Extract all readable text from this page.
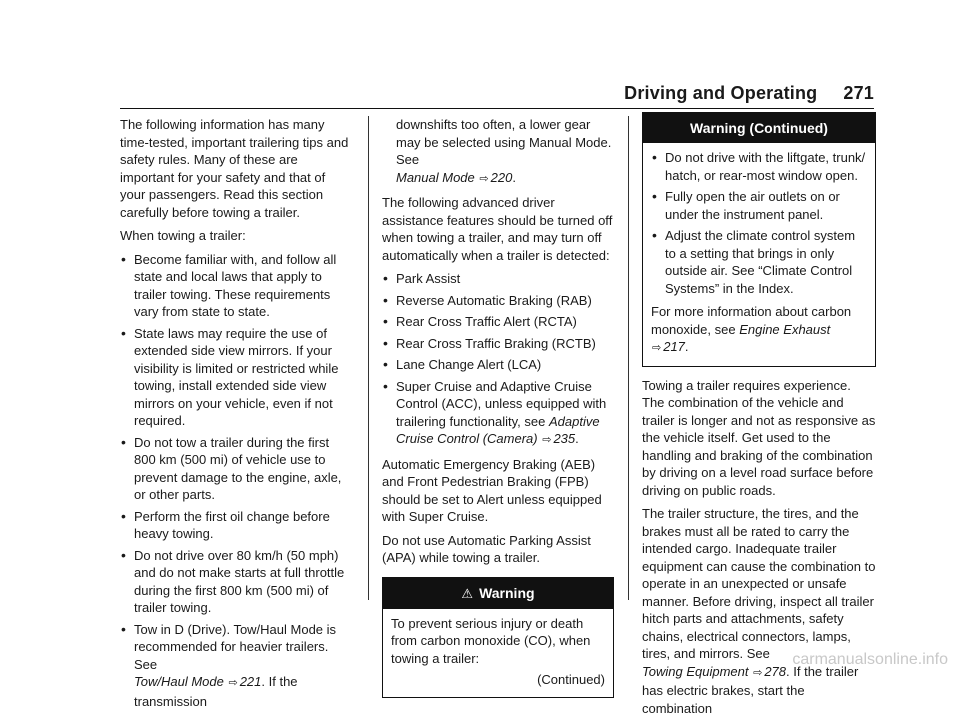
Driving and Operating 271

The following information has many time-tested, important trailering tips and safety rules. Many of these are important for your safety and that of your passengers. Read this section carefully before towing a trailer.

When towing a trailer:

• Become familiar with, and follow all state and local laws that apply to trailer towing. These requirements vary from state to state.
• State laws may require the use of extended side view mirrors. If your visibility is limited or restricted while towing, install extended side view mirrors on your vehicle, even if not required.
• Do not tow a trailer during the first 800 km (500 mi) of vehicle use to prevent damage to the engine, axle, or other parts.
• Perform the first oil change before heavy towing.
• Do not drive over 80 km/h (50 mph) and do not make starts at full throttle during the first 800 km (500 mi) of trailer towing.
• Tow in D (Drive). Tow/Haul Mode is recommended for heavier trailers. See
Tow/Haul Mode ⇨ 221. If the transmission

downshifts too often, a lower gear may be selected using Manual Mode. See
Manual Mode ⇨ 220.

The following advanced driver assistance features should be turned off when towing a trailer, and may turn off automatically when a trailer is detected:

• Park Assist
• Reverse Automatic Braking (RAB)
• Rear Cross Traffic Alert (RCTA)
• Rear Cross Traffic Braking (RCTB)
• Lane Change Alert (LCA)
• Super Cruise and Adaptive Cruise Control (ACC), unless equipped with trailering functionality, see Adaptive Cruise Control (Camera) ⇨ 235.

Automatic Emergency Braking (AEB) and Front Pedestrian Braking (FPB) should be set to Alert unless equipped with Super Cruise.

Do not use Automatic Parking Assist (APA) while towing a trailer.

⚠ Warning

To prevent serious injury or death from carbon monoxide (CO), when towing a trailer:

(Continued)

Warning (Continued)
• Do not drive with the liftgate, trunk/ hatch, or rear-most window open.
• Fully open the air outlets on or under the instrument panel.
• Adjust the climate control system to a setting that brings in only outside air. See “Climate Control Systems” in the Index.

For more information about carbon monoxide, see Engine Exhaust ⇨ 217.

Towing a trailer requires experience. The combination of the vehicle and trailer is longer and not as responsive as the vehicle itself. Get used to the handling and braking of the combination by driving on a level road surface before driving on public roads.

The trailer structure, the tires, and the brakes must all be rated to carry the intended cargo. Inadequate trailer equipment can cause the combination to operate in an unexpected or unsafe manner. Before driving, inspect all trailer hitch parts and attachments, safety chains, electrical connectors, lamps, tires, and mirrors. See
Towing Equipment ⇨ 278. If the trailer has electric brakes, start the combination

carmanualsonline.info
